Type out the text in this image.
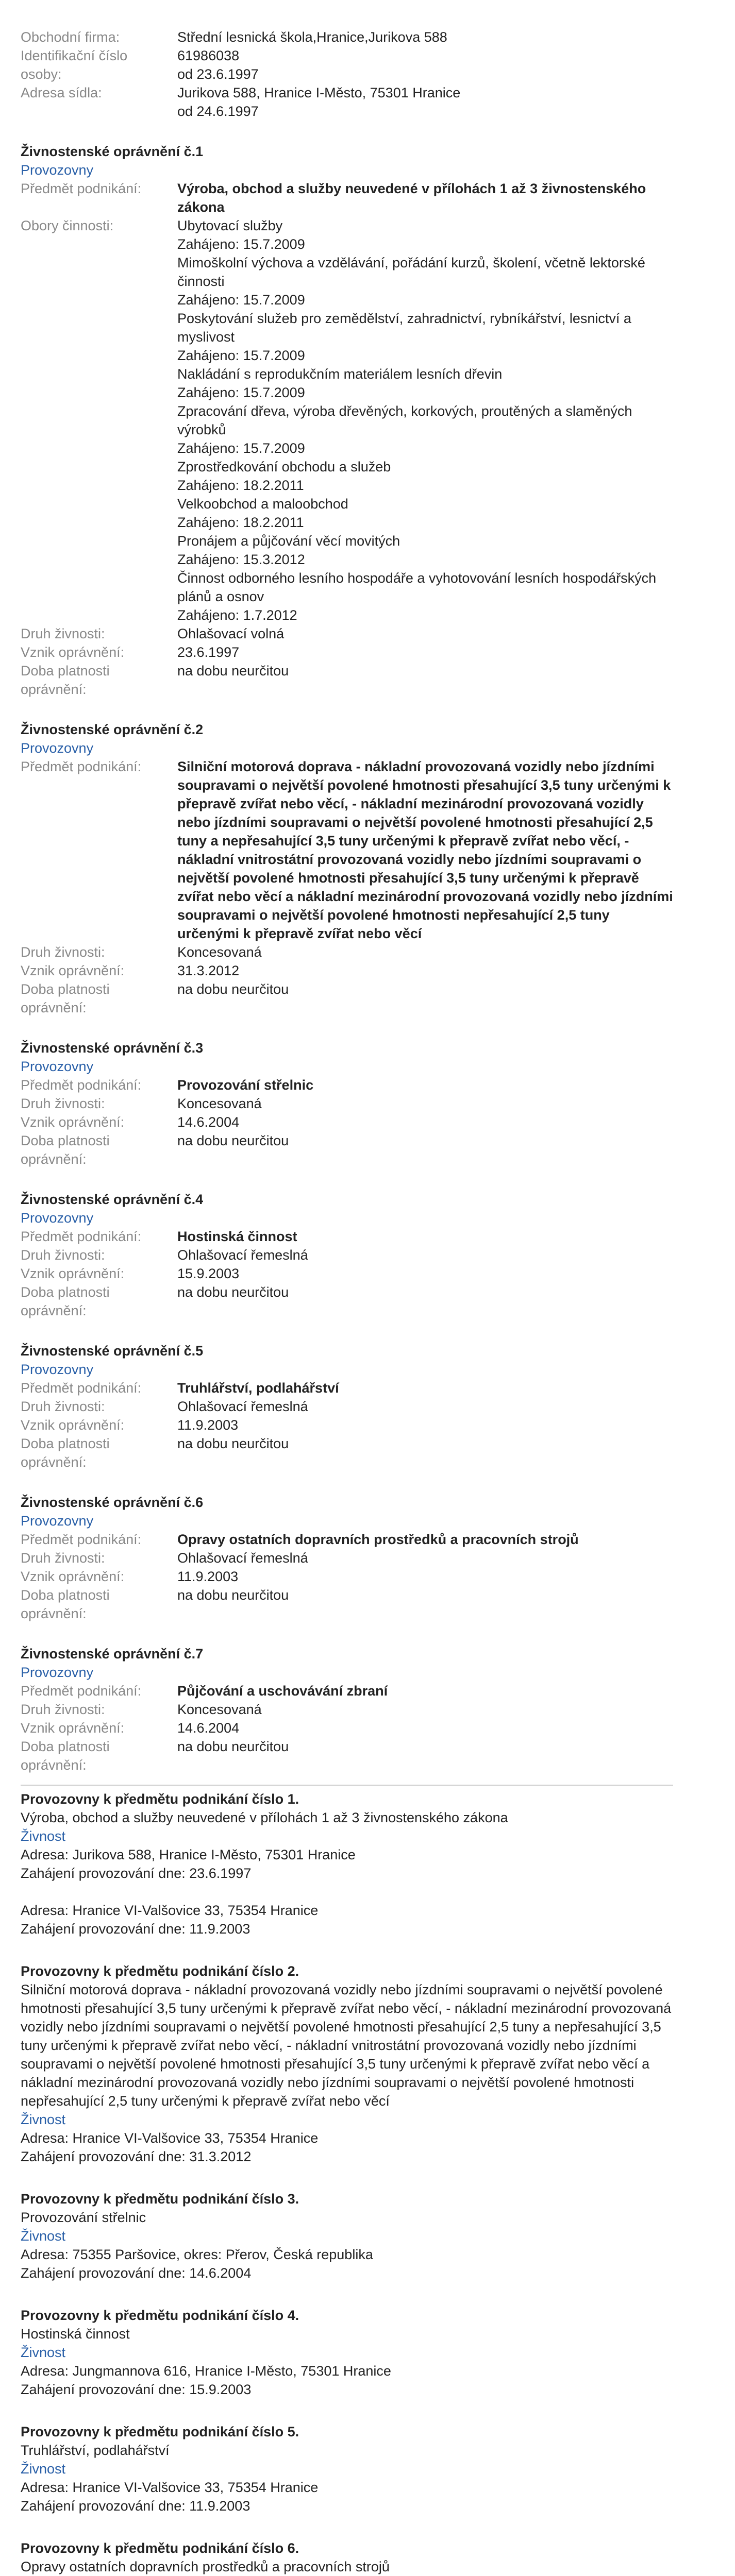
Obchodní firma:	Střední lesnická škola,Hranice,Jurikova 588
Identifikační číslo	61986038
osoby:	od 23.6.1997
Adresa sídla:	Jurikova 588, Hranice I-Město, 75301 Hranice
od 24.6.1997
Živnostenské oprávnění č.1
Provozovny
Předmět podnikání:	Výroba, obchod a služby neuvedené v přílohách 1 až 3 živnostenského zákona
Obory činnosti:	Ubytovací služby
Zahájeno: 15.7.2009
Mimoškolní výchova a vzdělávání, pořádání kurzů, školení, včetně lektorské činnosti
Zahájeno: 15.7.2009
Poskytování služeb pro zemědělství, zahradnictví, rybníkářství, lesnictví a myslivost
Zahájeno: 15.7.2009
Nakládání s reprodukčním materiálem lesních dřevin
Zahájeno: 15.7.2009
Zpracování dřeva, výroba dřevěných, korkových, proutěných a slaměných výrobků
Zahájeno: 15.7.2009
Zprostředkování obchodu a služeb
Zahájeno: 18.2.2011
Velkoobchod a maloobchod
Zahájeno: 18.2.2011
Pronájem a půjčování věcí movitých
Zahájeno: 15.3.2012
Činnost odborného lesního hospodáře a vyhotovování lesních hospodářských plánů a osnov
Zahájeno: 1.7.2012
Druh živnosti:	Ohlašovací volná
Vznik oprávnění:	23.6.1997
Doba platnosti
oprávnění:
na dobu neurčitou
Živnostenské oprávnění č.2
Provozovny
Předmět podnikání:	Silniční motorová doprava - nákladní provozovaná vozidly nebo jízdními soupravami o největší povolené hmotnosti přesahující 3,5 tuny určenými k přepravě zvířat nebo věcí, - nákladní mezinárodní provozovaná vozidly nebo jízdními soupravami o největší povolené hmotnosti přesahující 2,5 tuny a nepřesahující 3,5 tuny určenými k přepravě zvířat nebo věcí, - nákladní vnitrostátní provozovaná vozidly nebo jízdními soupravami o největší povolené hmotnosti přesahující 3,5 tuny určenými k přepravě zvířat nebo věcí a nákladní mezinárodní provozovaná vozidly nebo jízdními soupravami o největší povolené hmotnosti nepřesahující 2,5 tuny určenými k přepravě zvířat nebo věcí
Druh živnosti:	Koncesovaná
Vznik oprávnění:	31.3.2012
Doba platnosti
oprávnění:
na dobu neurčitou
Živnostenské oprávnění č.3
Provozovny
Předmět podnikání:	Provozování střelnic
Druh živnosti:	Koncesovaná
Vznik oprávnění:	14.6.2004
Doba platnosti
oprávnění:
na dobu neurčitou
Živnostenské oprávnění č.4
Provozovny
Předmět podnikání:	Hostinská činnost
Druh živnosti:	Ohlašovací řemeslná
Vznik oprávnění:	15.9.2003
Doba platnosti
oprávnění:
na dobu neurčitou
Živnostenské oprávnění č.5
Provozovny
Předmět podnikání:	Truhlářství, podlahářství
Druh živnosti:	Ohlašovací řemeslná
Vznik oprávnění:	11.9.2003
Doba platnosti
oprávnění:
na dobu neurčitou
Živnostenské oprávnění č.6
Provozovny
Předmět podnikání:	Opravy ostatních dopravních prostředků a pracovních strojů
Druh živnosti:	Ohlašovací řemeslná
Vznik oprávnění:	11.9.2003
Doba platnosti
oprávnění:
na dobu neurčitou
Živnostenské oprávnění č.7
Provozovny
Předmět podnikání:	Půjčování a uschovávání zbraní
Druh živnosti:	Koncesovaná
Vznik oprávnění:	14.6.2004
Doba platnosti
oprávnění:
na dobu neurčitou
Provozovny k předmětu podnikání číslo 1.
Výroba, obchod a služby neuvedené v přílohách 1 až 3 živnostenského zákona
Živnost
Adresa: Jurikova 588, Hranice I-Město, 75301 Hranice
Zahájení provozování dne: 23.6.1997
Adresa: Hranice VI-Valšovice 33, 75354 Hranice
Zahájení provozování dne: 11.9.2003
Provozovny k předmětu podnikání číslo 2.
Silniční motorová doprava - nákladní provozovaná vozidly nebo jízdními soupravami o největší povolené hmotnosti přesahující 3,5 tuny určenými k přepravě zvířat nebo věcí, - nákladní mezinárodní provozovaná vozidly nebo jízdními soupravami o největší povolené hmotnosti přesahující 2,5 tuny a nepřesahující 3,5 tuny určenými k přepravě zvířat nebo věcí, - nákladní vnitrostátní provozovaná vozidly nebo jízdními soupravami o největší povolené hmotnosti přesahující 3,5 tuny určenými k přepravě zvířat nebo věcí a nákladní mezinárodní provozovaná vozidly nebo jízdními soupravami o největší povolené hmotnosti nepřesahující 2,5 tuny určenými k přepravě zvířat nebo věcí
Živnost
Adresa: Hranice VI-Valšovice 33, 75354 Hranice
Zahájení provozování dne: 31.3.2012
Provozovny k předmětu podnikání číslo 3.
Provozování střelnic
Živnost
Adresa: 75355 Paršovice, okres: Přerov, Česká republika
Zahájení provozování dne: 14.6.2004
Provozovny k předmětu podnikání číslo 4.
Hostinská činnost
Živnost
Adresa: Jungmannova 616, Hranice I-Město, 75301 Hranice
Zahájení provozování dne: 15.9.2003
Provozovny k předmětu podnikání číslo 5.
Truhlářství, podlahářství
Živnost
Adresa: Hranice VI-Valšovice 33, 75354 Hranice
Zahájení provozování dne: 11.9.2003
Provozovny k předmětu podnikání číslo 6.
Opravy ostatních dopravních prostředků a pracovních strojů
